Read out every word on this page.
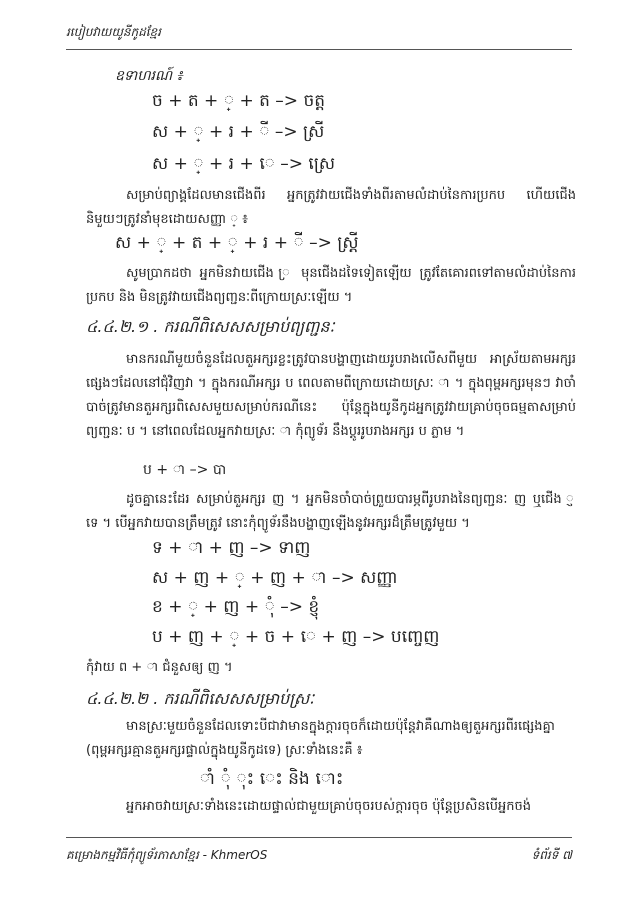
របៀបវាយយូនីកូដខ្មែរ
ឧទាហរណ៍ ៖
ច + ត + ្ + ត –> ចត្ត
ស + ្ + រ + ី –> ស្រី
ស + ្ + រ + េ –> ស្រេ
សម្រាប់ព្យាង្គដែលមានជើងពីរ អ្នកត្រូវវាយជើងទាំងពីរតាមលំដាប់នៃការប្រកប ហើយជើងនិមួយៗត្រូវនាំមុខដោយសញ្ញា ្ ៖
ស + ្ + ត + ្ + រ + ី –> ស្ត្រី
សូមប្រាកដថា អ្នកមិនវាយជើង ្រ មុនជើងដទៃទៀតឡើយ ត្រូវតែគោរពទៅតាមលំដាប់នៃការប្រកប និង មិនត្រូវវាយជើងព្យញ្ជនៈពីក្រោយស្រៈឡើយ ។
៤.៤.២.១ . ករណីពិសេសសម្រាប់ព្យញ្ជនៈ
មានករណីមួយចំនួនដែលតួអក្សរខ្លះត្រូវបានបង្ហាញដោយរូបរាងលើសពីមួយ អាស្រ័យតាមអក្សរផ្សេងៗដែលនៅជុំវិញវា ។ ក្នុងករណីអក្សរ ប ពេលតាមពីក្រោយដោយស្រៈ ា ។ ក្នុងពុម្ពអក្សរមុនៗ វាចាំបាច់ត្រូវមានតួអក្សរពិសេសមួយសម្រាប់ករណីនេះ ប៉ុន្តែក្នុងយូនីកូដអ្នកត្រូវវាយគ្រាប់ចុចធម្មតាសម្រាប់ព្យញ្ជនៈ ប ។ នៅពេលដែលអ្នកវាយស្រៈ ា កុំព្យូទ័រ នឹងប្តូររូបរាងអក្សរ ប ភ្លាម ។
ប + ា –> បា
ដូចគ្នានេះដែរ សម្រាប់តួអក្សរ ញ ។ អ្នកមិនចាំបាច់ព្រួយបារម្ភពីរូបរាងនៃព្យញ្ជនៈ ញ ឬជើង ្ញ ទេ ។ បើអ្នកវាយបានត្រឹមត្រូវ នោះកុំព្យូទ័រនឹងបង្ហាញឡើងនូវអក្សរដ៏ត្រឹមត្រូវមួយ ។
ទ + ា + ញ –> ទាញ
ស + ញ + ្ + ញ + ា –> សញ្ញា
ខ + ្ + ញ + ុំ –> ខ្ញុំ
ប + ញ + ្ + ច + េ + ញ –> បញ្ចេញ
កុំវាយ ព + ា ជំនួសឲ្យ ញ ។
៤.៤.២.២ . ករណីពិសេសសម្រាប់ស្រៈ
មានស្រៈមួយចំនួនដែលទោះបីជាវាមានក្នុងក្តារចុចក៏ដោយប៉ុន្តែវាគឺណាងឲ្យតួអក្សរពីរផ្សេងគ្នា (ពុម្ពអក្សរគ្មានតួអក្សរផ្ទាល់ក្នុងយូនីកូដទេ) ស្រៈទាំងនេះគឺ ៖
ាំ ុំ ុះ េះ និង ោះ
អ្នកអាចវាយស្រៈទាំងនេះដោយផ្ទាល់ជាមួយគ្រាប់ចុចរបស់ក្តារចុច ប៉ុន្តែប្រសិនបើអ្នកចង់
គម្រោងកម្មវិធីកុំព្យូទ័រភាសាខ្មែរ - KhmerOS	ទំព័រទី ៧
